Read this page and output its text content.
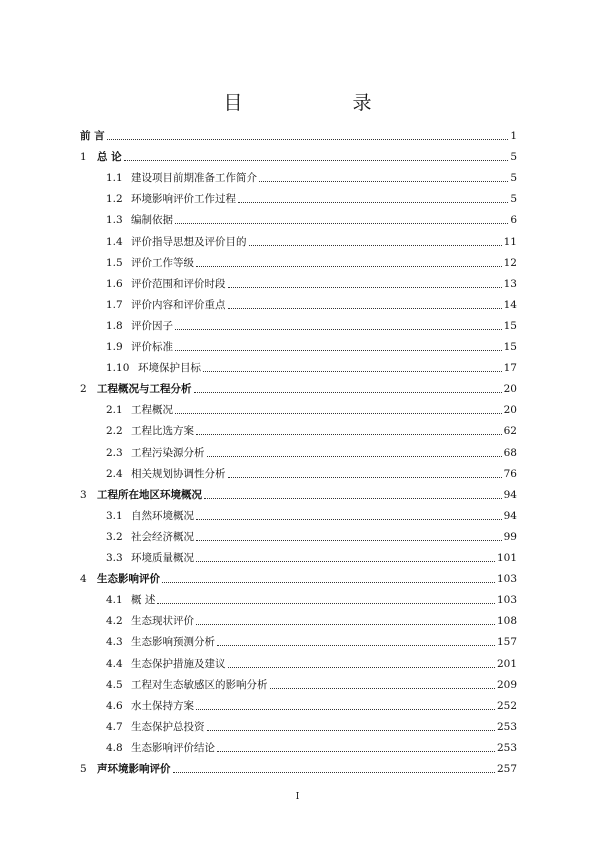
目 录
前 言	1
1 总 论	5
1.1 建设项目前期准备工作简介	5
1.2 环境影响评价工作过程	5
1.3 编制依据	6
1.4 评价指导思想及评价目的	11
1.5 评价工作等级	12
1.6 评价范围和评价时段	13
1.7 评价内容和评价重点	14
1.8 评价因子	15
1.9 评价标准	15
1.10 环境保护目标	17
2 工程概况与工程分析	20
2.1 工程概况	20
2.2 工程比选方案	62
2.3 工程污染源分析	68
2.4 相关规划协调性分析	76
3 工程所在地区环境概况	94
3.1 自然环境概况	94
3.2 社会经济概况	99
3.3 环境质量概况	101
4 生态影响评价	103
4.1 概 述	103
4.2 生态现状评价	108
4.3 生态影响预测分析	157
4.4 生态保护措施及建议	201
4.5 工程对生态敏感区的影响分析	209
4.6 水土保持方案	252
4.7 生态保护总投资	253
4.8 生态影响评价结论	253
5 声环境影响评价	257
I
